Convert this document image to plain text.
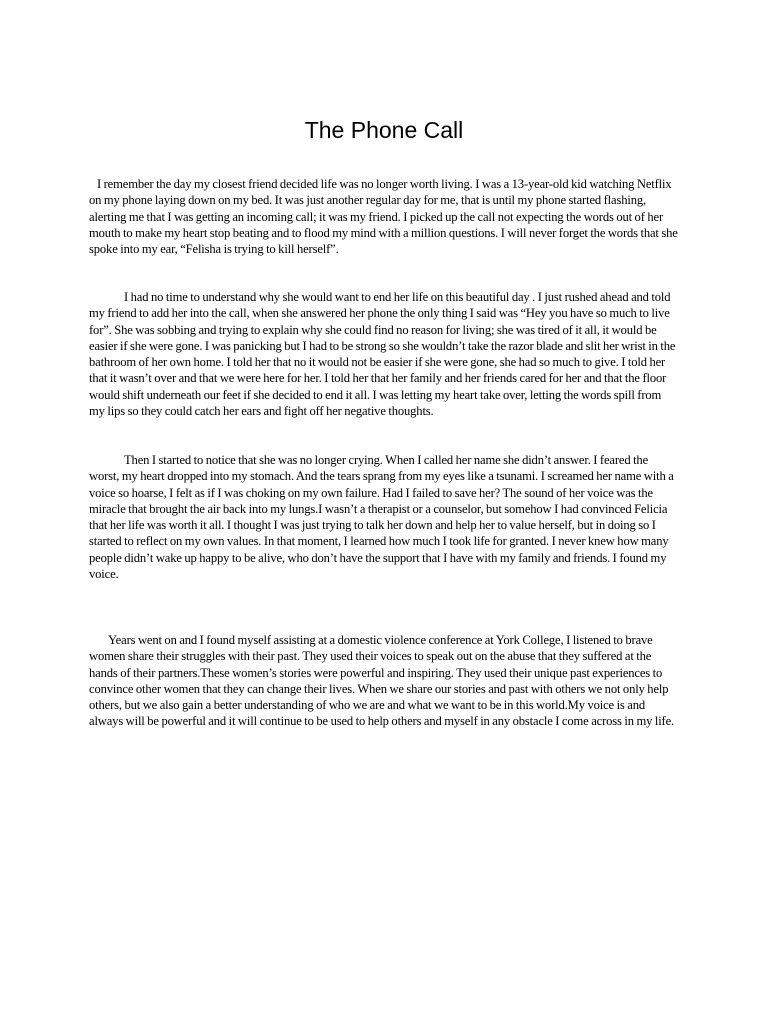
The Phone Call

I remember the day my closest friend decided life was no longer worth living. I was a 13-year-old kid watching Netflix on my phone laying down on my bed. It was just another regular day for me, that is until my phone started flashing, alerting me that I was getting an incoming call; it was my friend. I picked up the call not expecting the words out of her mouth to make my heart stop beating and to flood my mind with a million questions. I will never forget the words that she spoke into my ear, “Felisha is trying to kill herself”.

I had no time to understand why she would want to end her life on this beautiful day . I just rushed ahead and told my friend to add her into the call, when she answered her phone the only thing I said was “Hey you have so much to live for”. She was sobbing and trying to explain why she could find no reason for living; she was tired of it all, it would be easier if she were gone. I was panicking but I had to be strong so she wouldn’t take the razor blade and slit her wrist in the bathroom of her own home. I told her that no it would not be easier if she were gone, she had so much to give. I told her that it wasn’t over and that we were here for her. I told her that her family and her friends cared for her and that the floor would shift underneath our feet if she decided to end it all. I was letting my heart take over, letting the words spill from my lips so they could catch her ears and fight off her negative thoughts.

Then I started to notice that she was no longer crying. When I called her name she didn’t answer. I feared the worst, my heart dropped into my stomach. And the tears sprang from my eyes like a tsunami. I screamed her name with a voice so hoarse, I felt as if I was choking on my own failure. Had I failed to save her? The sound of her voice was the miracle that brought the air back into my lungs.I wasn’t a therapist or a counselor, but somehow I had convinced Felicia that her life was worth it all. I thought I was just trying to talk her down and help her to value herself, but in doing so I started to reflect on my own values. In that moment, I learned how much I took life for granted. I never knew how many people didn’t wake up happy to be alive, who don’t have the support that I have with my family and friends. I found my voice.

Years went on and I found myself assisting at a domestic violence conference at York College, I listened to brave women share their struggles with their past. They used their voices to speak out on the abuse that they suffered at the hands of their partners.These women’s stories were powerful and inspiring. They used their unique past experiences to convince other women that they can change their lives. When we share our stories and past with others we not only help others, but we also gain a better understanding of who we are and what we want to be in this world.My voice is and always will be powerful and it will continue to be used to help others and myself in any obstacle I come across in my life.
